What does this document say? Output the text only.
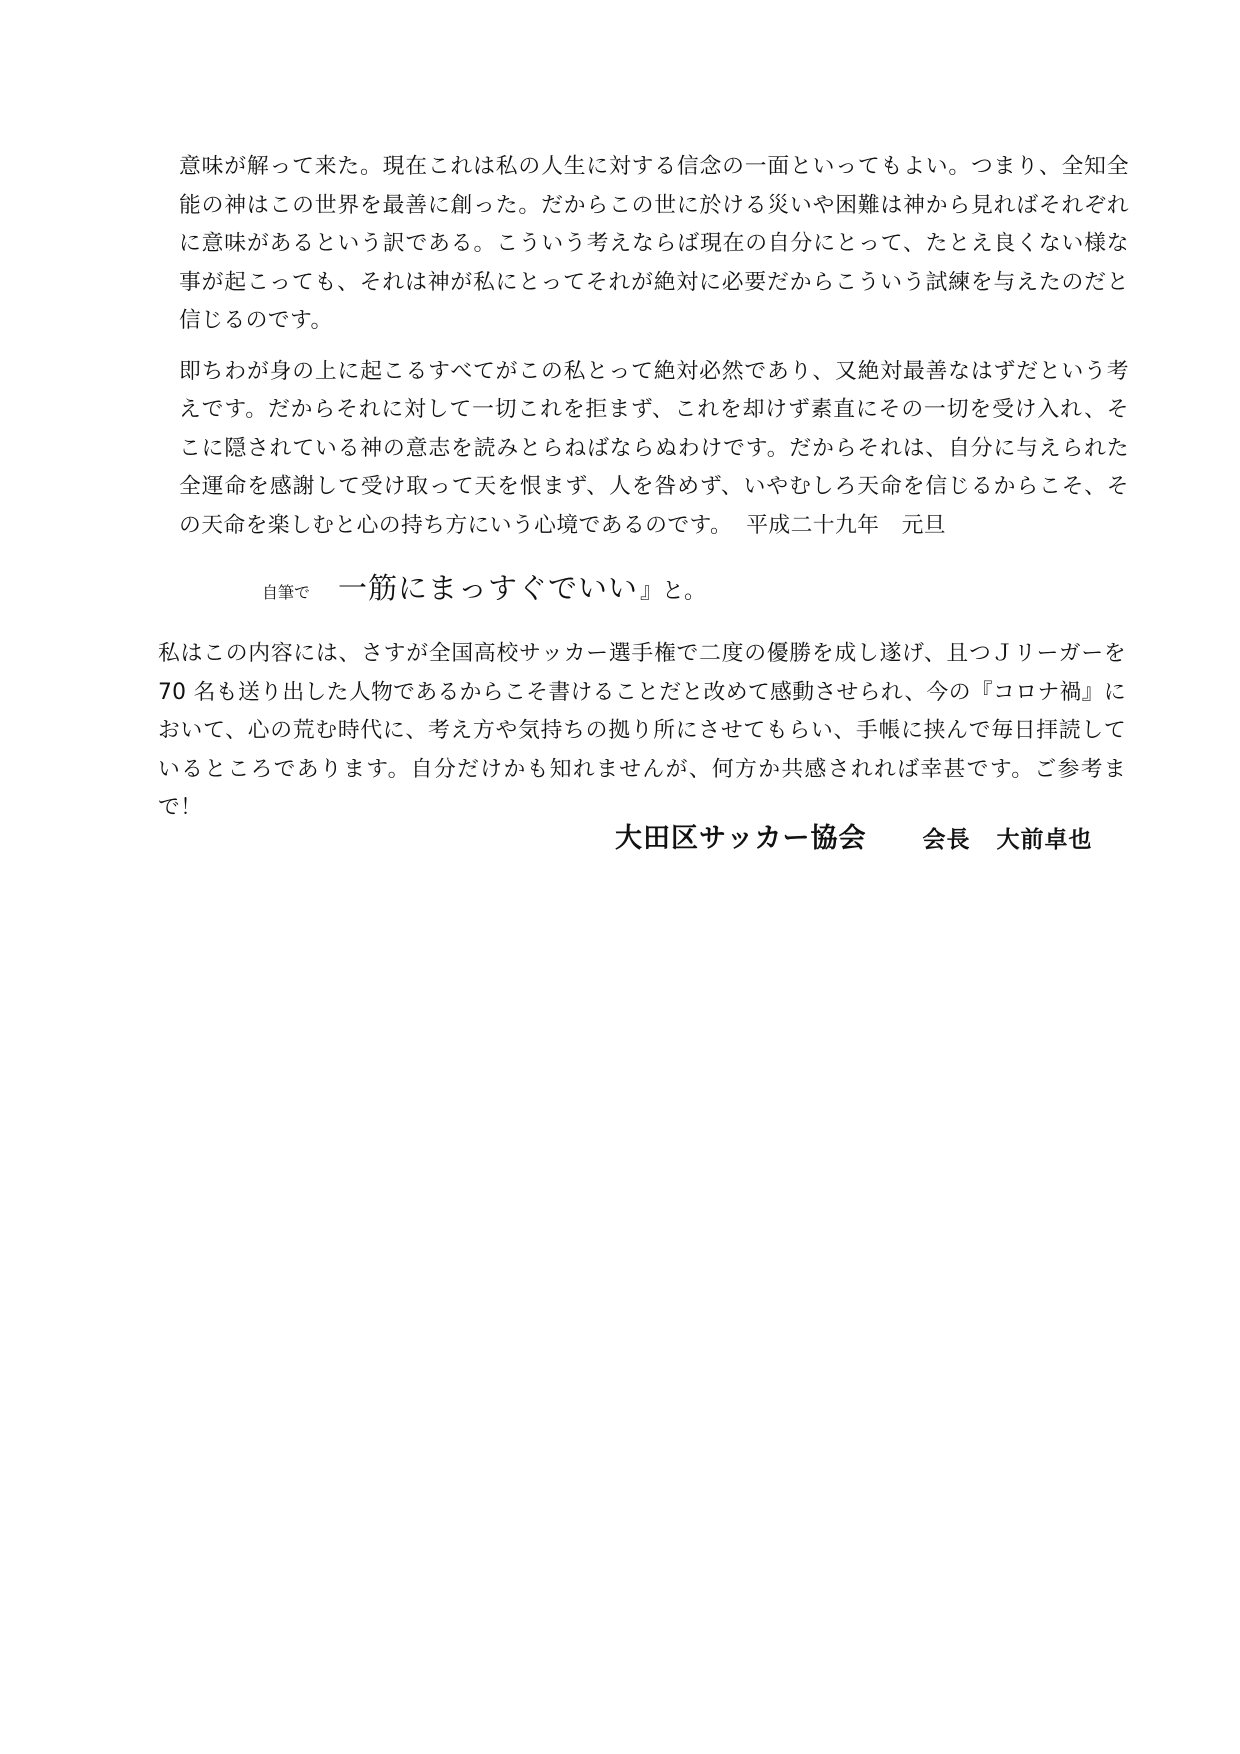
意味が解って来た。現在これは私の人生に対する信念の一面といってもよい。つまり、全知全能の神はこの世界を最善に創った。だからこの世に於ける災いや困難は神から見ればそれぞれに意味があるという訳である。こういう考えならば現在の自分にとって、たとえ良くない様な事が起こっても、それは神が私にとってそれが絶対に必要だからこういう試練を与えたのだと信じるのです。

即ちわが身の上に起こるすべてがこの私とって絶対必然であり、又絶対最善なはずだという考えです。だからそれに対して一切これを拒まず、これを却けず素直にその一切を受け入れ、そこに隠されている神の意志を読みとらねばならぬわけです。だからそれは、自分に与えられた全運命を感謝して受け取って天を恨まず、人を咎めず、いやむしろ天命を信じるからこそ、その天命を楽しむと心の持ち方にいう心境であるのです。 平成二十九年　元旦

自筆で 一筋にまっすぐでいい 』と。

私はこの内容には、さすが全国高校サッカー選手権で二度の優勝を成し遂げ、且つＪリーガーを 70 名も送り出した人物であるからこそ書けることだと改めて感動させられ、今の『コロナ禍』において、心の荒む時代に、考え方や気持ちの拠り所にさせてもらい、手帳に挟んで毎日拝読しているところであります。自分だけかも知れませんが、何方か共感されれば幸甚です。ご参考まで！

大田区サッカー協会 会長 大前卓也
